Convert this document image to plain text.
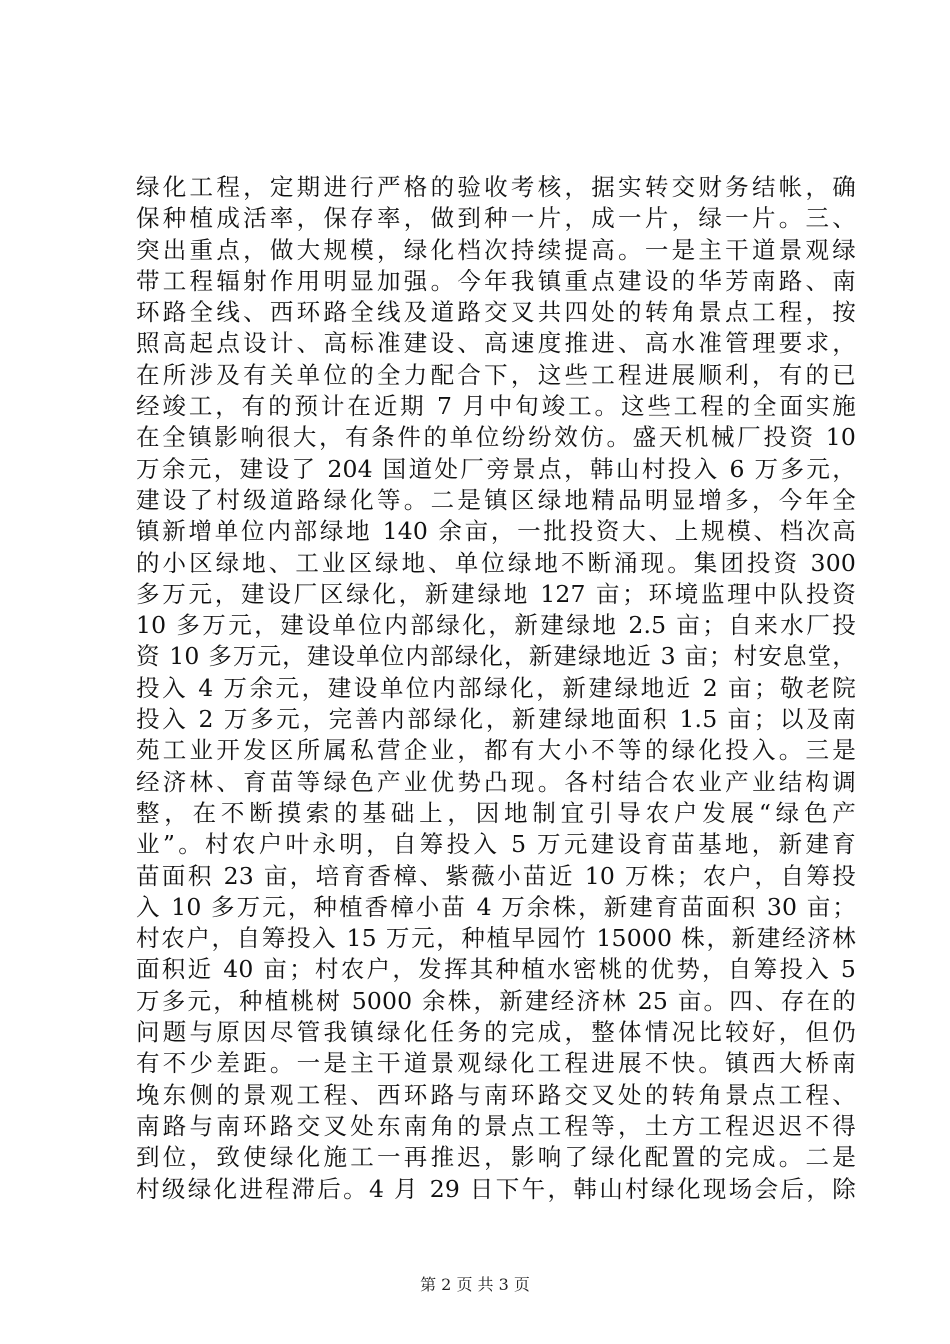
绿化工程，定期进行严格的验收考核，据实转交财务结帐，确
保种植成活率，保存率，做到种一片，成一片，绿一片。三、
突出重点，做大规模，绿化档次持续提高。一是主干道景观绿
带工程辐射作用明显加强。今年我镇重点建设的华芳南路、南
环路全线、西环路全线及道路交叉共四处的转角景点工程，按
照高起点设计、高标准建设、高速度推进、高水准管理要求，
在所涉及有关单位的全力配合下，这些工程进展顺利，有的已
经竣工，有的预计在近期 7 月中旬竣工。这些工程的全面实施
在全镇影响很大，有条件的单位纷纷效仿。盛天机械厂投资 10
万余元，建设了 204 国道处厂旁景点，韩山村投入 6 万多元，
建设了村级道路绿化等。二是镇区绿地精品明显增多，今年全
镇新增单位内部绿地 140 余亩，一批投资大、上规模、档次高
的小区绿地、工业区绿地、单位绿地不断涌现。集团投资 300
多万元，建设厂区绿化，新建绿地 127 亩；环境监理中队投资
10 多万元，建设单位内部绿化，新建绿地 2.5 亩；自来水厂投
资 10 多万元，建设单位内部绿化，新建绿地近 3 亩；村安息堂，
投入 4 万余元，建设单位内部绿化，新建绿地近 2 亩；敬老院
投入 2 万多元，完善内部绿化，新建绿地面积 1.5 亩；以及南
苑工业开发区所属私营企业，都有大小不等的绿化投入。三是
经济林、育苗等绿色产业优势凸现。各村结合农业产业结构调
整，在不断摸索的基础上，因地制宜引导农户发展“绿色产
业”。村农户叶永明，自筹投入 5 万元建设育苗基地，新建育
苗面积 23 亩，培育香樟、紫薇小苗近 10 万株；农户，自筹投
入 10 多万元，种植香樟小苗 4 万余株，新建育苗面积 30 亩；
村农户，自筹投入 15 万元，种植早园竹 15000 株，新建经济林
面积近 40 亩；村农户，发挥其种植水密桃的优势，自筹投入 5
万多元，种植桃树 5000 余株，新建经济林 25 亩。四、存在的
问题与原因尽管我镇绿化任务的完成，整体情况比较好，但仍
有不少差距。一是主干道景观绿化工程进展不快。镇西大桥南
堍东侧的景观工程、西环路与南环路交叉处的转角景点工程、
南路与南环路交叉处东南角的景点工程等，土方工程迟迟不得
到位，致使绿化施工一再推迟，影响了绿化配置的完成。二是
村级绿化进程滞后。4 月 29 日下午，韩山村绿化现场会后，除
第 2 页 共 3 页
